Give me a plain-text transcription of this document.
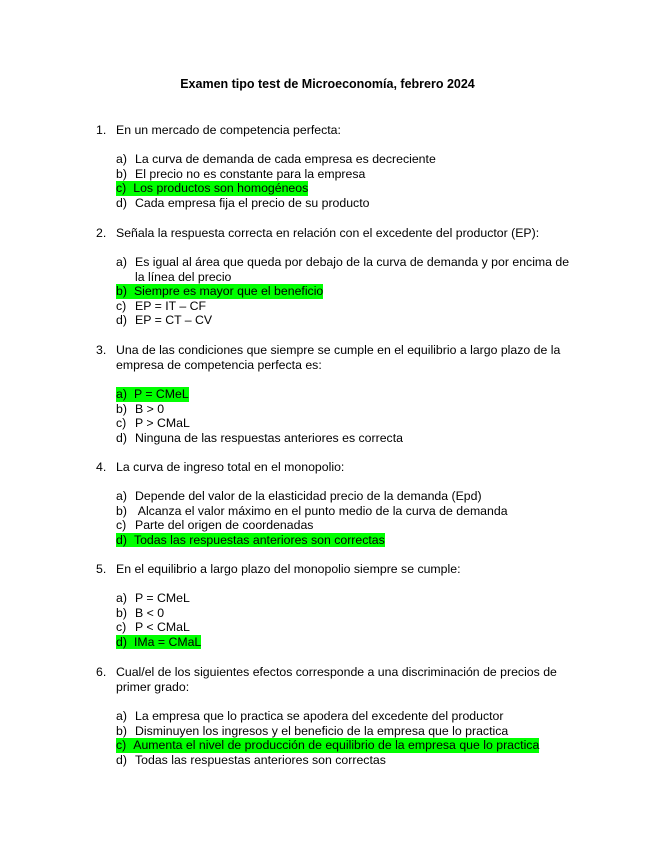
Examen tipo test de Microeconomía, febrero 2024
1. En un mercado de competencia perfecta:
a) La curva de demanda de cada empresa es decreciente
b) El precio no es constante para la empresa
c) Los productos son homogéneos
d) Cada empresa fija el precio de su producto
2. Señala la respuesta correcta en relación con el excedente del productor (EP):
a) Es igual al área que queda por debajo de la curva de demanda y por encima de la línea del precio
b) Siempre es mayor que el beneficio
c) EP = IT – CF
d) EP = CT – CV
3. Una de las condiciones que siempre se cumple en el equilibrio a largo plazo de la empresa de competencia perfecta es:
a) P = CMeL
b) B > 0
c) P > CMaL
d) Ninguna de las respuestas anteriores es correcta
4. La curva de ingreso total en el monopolio:
a) Depende del valor de la elasticidad precio de la demanda (Epd)
b) Alcanza el valor máximo en el punto medio de la curva de demanda
c) Parte del origen de coordenadas
d) Todas las respuestas anteriores son correctas
5. En el equilibrio a largo plazo del monopolio siempre se cumple:
a) P = CMeL
b) B < 0
c) P < CMaL
d) IMa = CMaL
6. Cual/el de los siguientes efectos corresponde a una discriminación de precios de primer grado:
a) La empresa que lo practica se apodera del excedente del productor
b) Disminuyen los ingresos y el beneficio de la empresa que lo practica
c) Aumenta el nivel de producción de equilibrio de la empresa que lo practica
d) Todas las respuestas anteriores son correctas
